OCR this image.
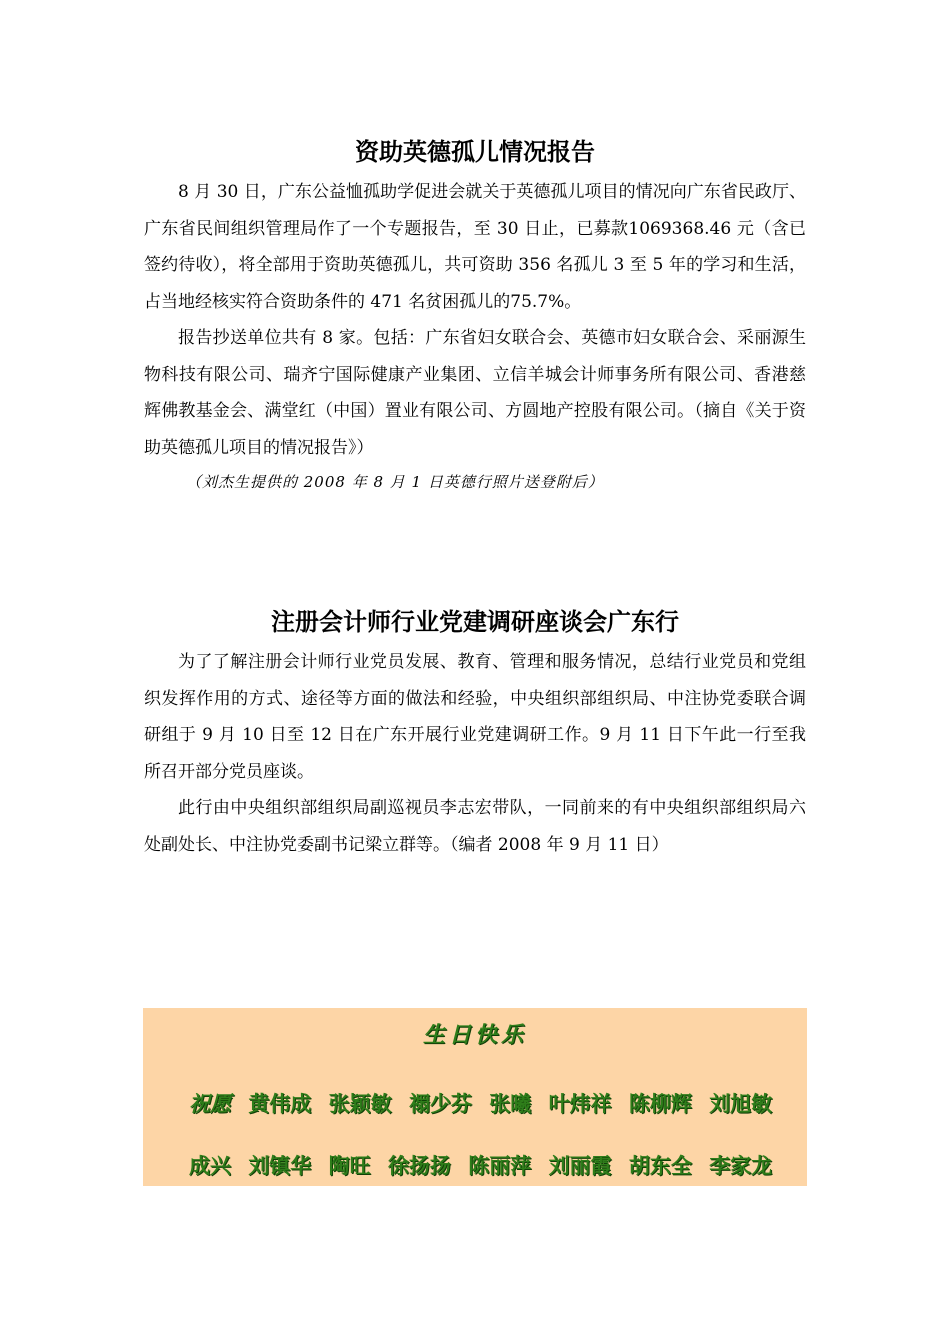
资助英德孤儿情况报告

8 月 30 日，广东公益恤孤助学促进会就关于英德孤儿项目的情况向广东省民政厅、广东省民间组织管理局作了一个专题报告，至 30 日止，已募款1069368.46 元（含已签约待收），将全部用于资助英德孤儿，共可资助 356 名孤儿 3 至 5 年的学习和生活，占当地经核实符合资助条件的 471 名贫困孤儿的75.7%。

报告抄送单位共有 8 家。包括：广东省妇女联合会、英德市妇女联合会、采丽源生物科技有限公司、瑞齐宁国际健康产业集团、立信羊城会计师事务所有限公司、香港慈辉佛教基金会、满堂红（中国）置业有限公司、方圆地产控股有限公司。（摘自《关于资助英德孤儿项目的情况报告》）

（刘杰生提供的 2008 年 8 月 1 日英德行照片送登附后）

注册会计师行业党建调研座谈会广东行

为了了解注册会计师行业党员发展、教育、管理和服务情况，总结行业党员和党组织发挥作用的方式、途径等方面的做法和经验，中央组织部组织局、中注协党委联合调研组于 9 月 10 日至 12 日在广东开展行业党建调研工作。9 月 11 日下午此一行至我所召开部分党员座谈。

此行由中央组织部组织局副巡视员李志宏带队，一同前来的有中央组织部组织局六处副处长、中注协党委副书记梁立群等。（编者 2008 年 9 月 11 日）

生日快乐
祝愿 黄伟成 张颖敏 禤少芬 张曦 叶炜祥 陈柳辉 刘旭敏
成兴 刘镇华 陶旺 徐扬扬 陈丽萍 刘丽霞 胡东全 李家龙
